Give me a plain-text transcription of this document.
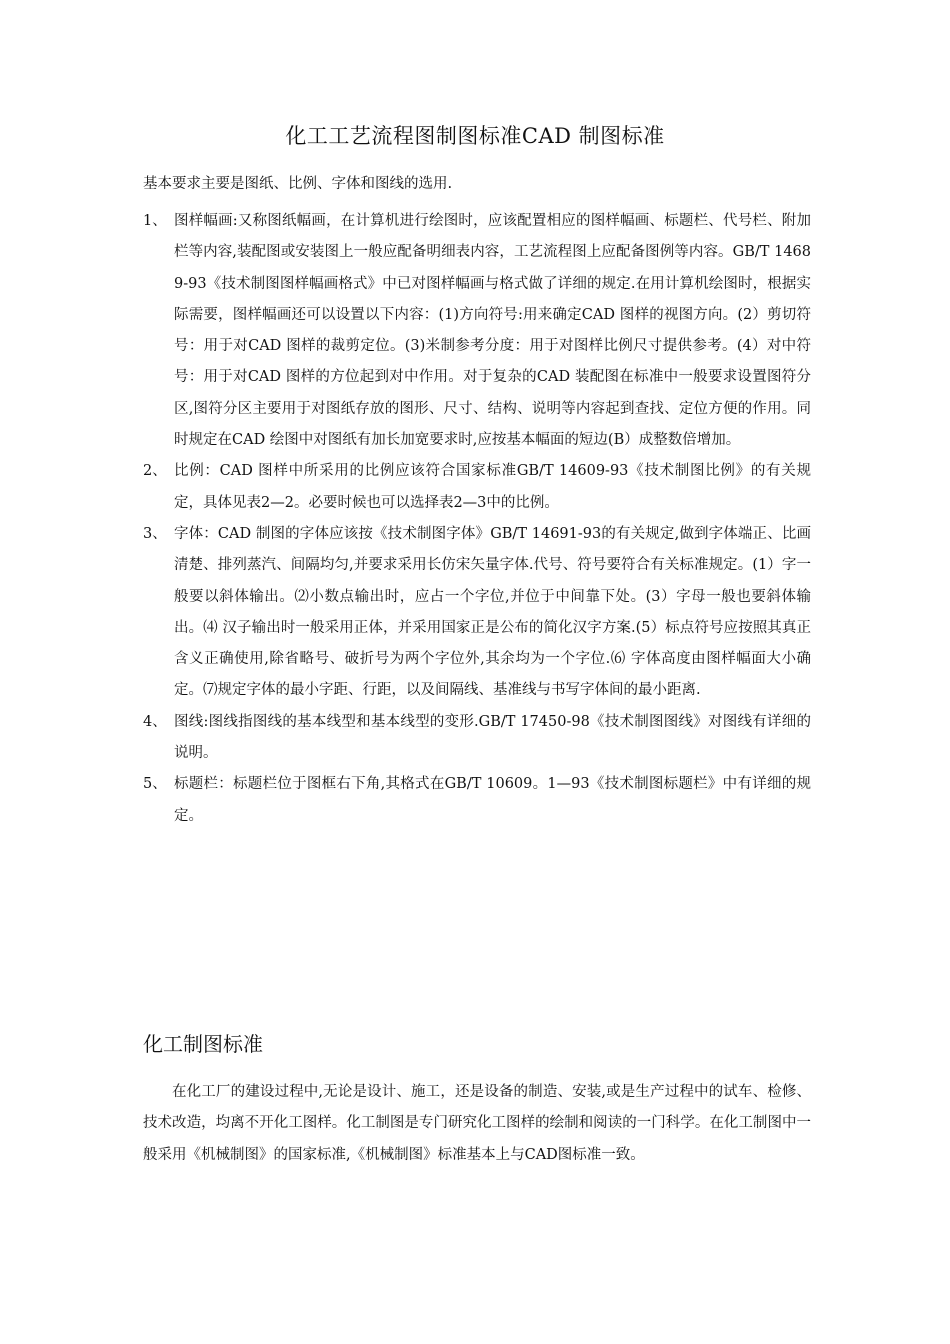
化工工艺流程图制图标准CAD 制图标准

基本要求主要是图纸、比例、字体和图线的选用.

1、 图样幅画:又称图纸幅画，在计算机进行绘图时，应该配置相应的图样幅画、标题栏、代号栏、附加栏等内容,装配图或安装图上一般应配备明细表内容，工艺流程图上应配备图例等内容。GB/T 14689-93《技术制图图样幅画格式》中已对图样幅画与格式做了详细的规定.在用计算机绘图时，根据实际需要，图样幅画还可以设置以下内容：(1)方向符号:用来确定CAD 图样的视图方向。(2）剪切符号：用于对CAD 图样的裁剪定位。(3)米制参考分度：用于对图样比例尺寸提供参考。(4）对中符号：用于对CAD 图样的方位起到对中作用。对于复杂的CAD 装配图在标准中一般要求设置图符分区,图符分区主要用于对图纸存放的图形、尺寸、结构、说明等内容起到查找、定位方便的作用。同时规定在CAD 绘图中对图纸有加长加宽要求时,应按基本幅面的短边(B）成整数倍增加。
2、 比例：CAD 图样中所采用的比例应该符合国家标准GB/T 14609-93《技术制图比例》的有关规定，具体见表2—2。必要时候也可以选择表2—3中的比例。
3、 字体：CAD 制图的字体应该按《技术制图字体》GB/T 14691-93的有关规定,做到字体端正、比画清楚、排列蒸汽、间隔均匀,并要求采用长仿宋矢量字体.代号、符号要符合有关标准规定。(1）字一般要以斜体输出。⑵小数点输出时，应占一个字位,并位于中间靠下处。(3）字母一般也要斜体输出。⑷ 汉子输出时一般采用正体，并采用国家正是公布的简化汉字方案.(5）标点符号应按照其真正含义正确使用,除省略号、破折号为两个字位外,其余均为一个字位.⑹ 字体高度由图样幅面大小确定。⑺规定字体的最小字距、行距，以及间隔线、基准线与书写字体间的最小距离.
4、 图线:图线指图线的基本线型和基本线型的变形.GB/T 17450-98《技术制图图线》对图线有详细的说明。
5、 标题栏：标题栏位于图框右下角,其格式在GB/T 10609。1—93《技术制图标题栏》中有详细的规定。
化工制图标准

在化工厂的建设过程中,无论是设计、施工，还是设备的制造、安装,或是生产过程中的试车、检修、技术改造，均离不开化工图样。化工制图是专门研究化工图样的绘制和阅读的一门科学。在化工制图中一般采用《机械制图》的国家标准,《机械制图》标准基本上与CAD图标准一致。
